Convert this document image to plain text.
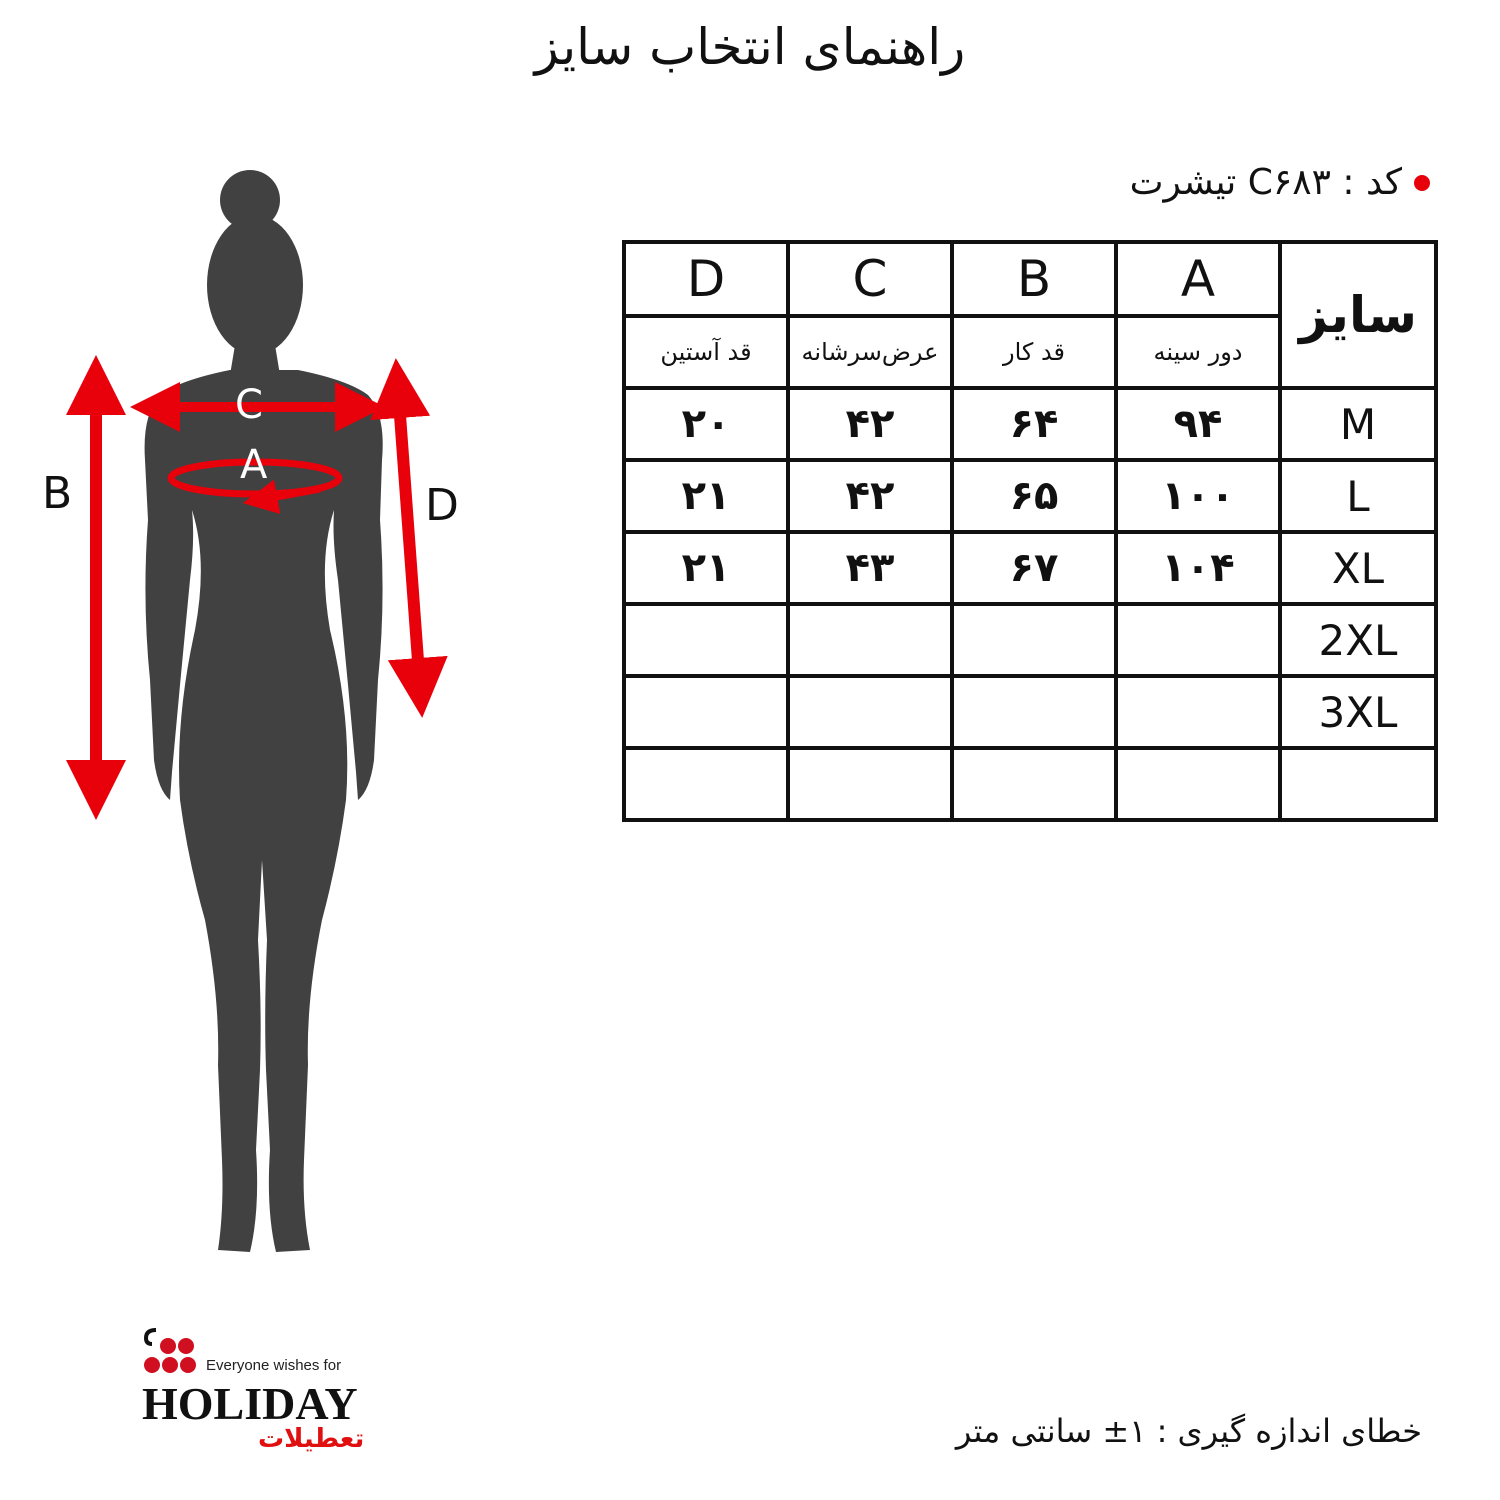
راهنمای انتخاب سایز
کد : C۶۸۳ تیشرت
B	D
C
A
D	C	B	A	سایز
قد آستین	عرض‌سرشانه	قد کار	دور سینه	
۲۰	۴۲	۶۴	۹۴	M
۲۱	۴۲	۶۵	۱۰۰	L
۲۱	۴۳	۶۷	۱۰۴	XL
				2XL
				3XL

Everyone wishes for
HOLIDAY
تعطیلات	خطای اندازه گیری : ۱± سانتی متر
